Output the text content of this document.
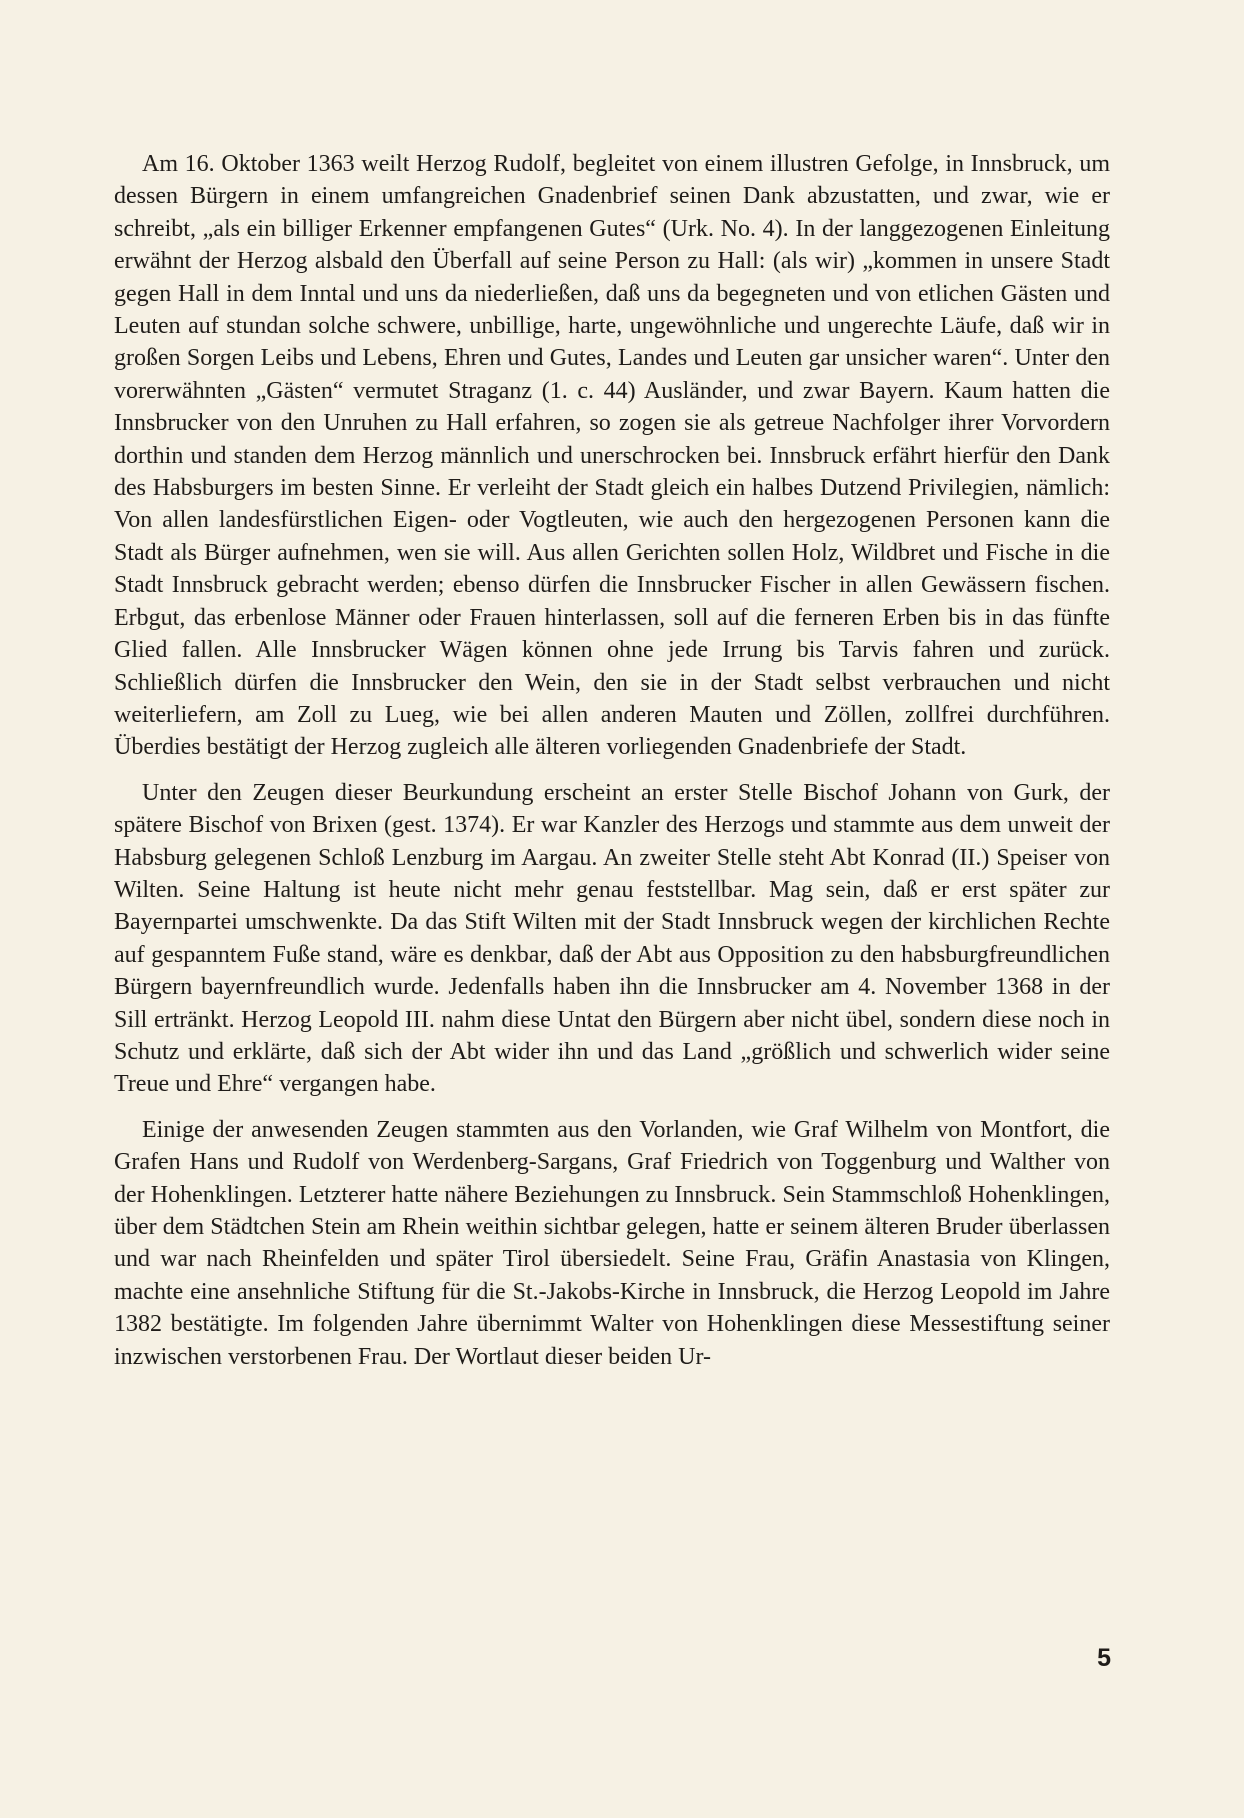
Am 16. Oktober 1363 weilt Herzog Rudolf, begleitet von einem illustren Gefolge, in Innsbruck, um dessen Bürgern in einem umfangreichen Gnadenbrief seinen Dank abzustatten, und zwar, wie er schreibt, „als ein billiger Erkenner empfangenen Gutes“ (Urk. No. 4). In der langgezogenen Einleitung erwähnt der Herzog alsbald den Überfall auf seine Person zu Hall: (als wir) „kommen in unsere Stadt gegen Hall in dem Inntal und uns da niederließen, daß uns da begegneten und von etlichen Gästen und Leuten auf stundan solche schwere, unbillige, harte, ungewöhnliche und ungerechte Läufe, daß wir in großen Sorgen Leibs und Lebens, Ehren und Gutes, Landes und Leuten gar unsicher waren“. Unter den vorerwähnten „Gästen“ vermutet Straganz (1. c. 44) Ausländer, und zwar Bayern. Kaum hatten die Innsbrucker von den Unruhen zu Hall erfahren, so zogen sie als getreue Nachfolger ihrer Vorvordern dorthin und standen dem Herzog männlich und unerschrocken bei. Innsbruck erfährt hierfür den Dank des Habsburgers im besten Sinne. Er verleiht der Stadt gleich ein halbes Dutzend Privilegien, nämlich: Von allen landesfürstlichen Eigen- oder Vogtleuten, wie auch den hergezogenen Personen kann die Stadt als Bürger aufnehmen, wen sie will. Aus allen Gerichten sollen Holz, Wildbret und Fische in die Stadt Innsbruck gebracht werden; ebenso dürfen die Innsbrucker Fischer in allen Gewässern fischen. Erbgut, das erbenlose Männer oder Frauen hinterlassen, soll auf die ferneren Erben bis in das fünfte Glied fallen. Alle Innsbrucker Wägen können ohne jede Irrung bis Tarvis fahren und zurück. Schließlich dürfen die Innsbrucker den Wein, den sie in der Stadt selbst verbrauchen und nicht weiterliefern, am Zoll zu Lueg, wie bei allen anderen Mauten und Zöllen, zollfrei durchführen. Überdies bestätigt der Herzog zugleich alle älteren vorliegenden Gnadenbriefe der Stadt.

Unter den Zeugen dieser Beurkundung erscheint an erster Stelle Bischof Johann von Gurk, der spätere Bischof von Brixen (gest. 1374). Er war Kanzler des Herzogs und stammte aus dem unweit der Habsburg gelegenen Schloß Lenzburg im Aargau. An zweiter Stelle steht Abt Konrad (II.) Speiser von Wilten. Seine Haltung ist heute nicht mehr genau feststellbar. Mag sein, daß er erst später zur Bayernpartei umschwenkte. Da das Stift Wilten mit der Stadt Innsbruck wegen der kirchlichen Rechte auf gespanntem Fuße stand, wäre es denkbar, daß der Abt aus Opposition zu den habsburgfreundlichen Bürgern bayernfreundlich wurde. Jedenfalls haben ihn die Innsbrucker am 4. November 1368 in der Sill ertränkt. Herzog Leopold III. nahm diese Untat den Bürgern aber nicht übel, sondern diese noch in Schutz und erklärte, daß sich der Abt wider ihn und das Land „größlich und schwerlich wider seine Treue und Ehre“ vergangen habe.

Einige der anwesenden Zeugen stammten aus den Vorlanden, wie Graf Wilhelm von Montfort, die Grafen Hans und Rudolf von Werdenberg-Sargans, Graf Friedrich von Toggenburg und Walther von der Hohenklingen. Letzterer hatte nähere Beziehungen zu Innsbruck. Sein Stammschloß Hohenklingen, über dem Städtchen Stein am Rhein weithin sichtbar gelegen, hatte er seinem älteren Bruder überlassen und war nach Rheinfelden und später Tirol übersiedelt. Seine Frau, Gräfin Anastasia von Klingen, machte eine ansehnliche Stiftung für die St.-Jakobs-Kirche in Innsbruck, die Herzog Leopold im Jahre 1382 bestätigte. Im folgenden Jahre übernimmt Walter von Hohenklingen diese Messestiftung seiner inzwischen verstorbenen Frau. Der Wortlaut dieser beiden Ur-

5
